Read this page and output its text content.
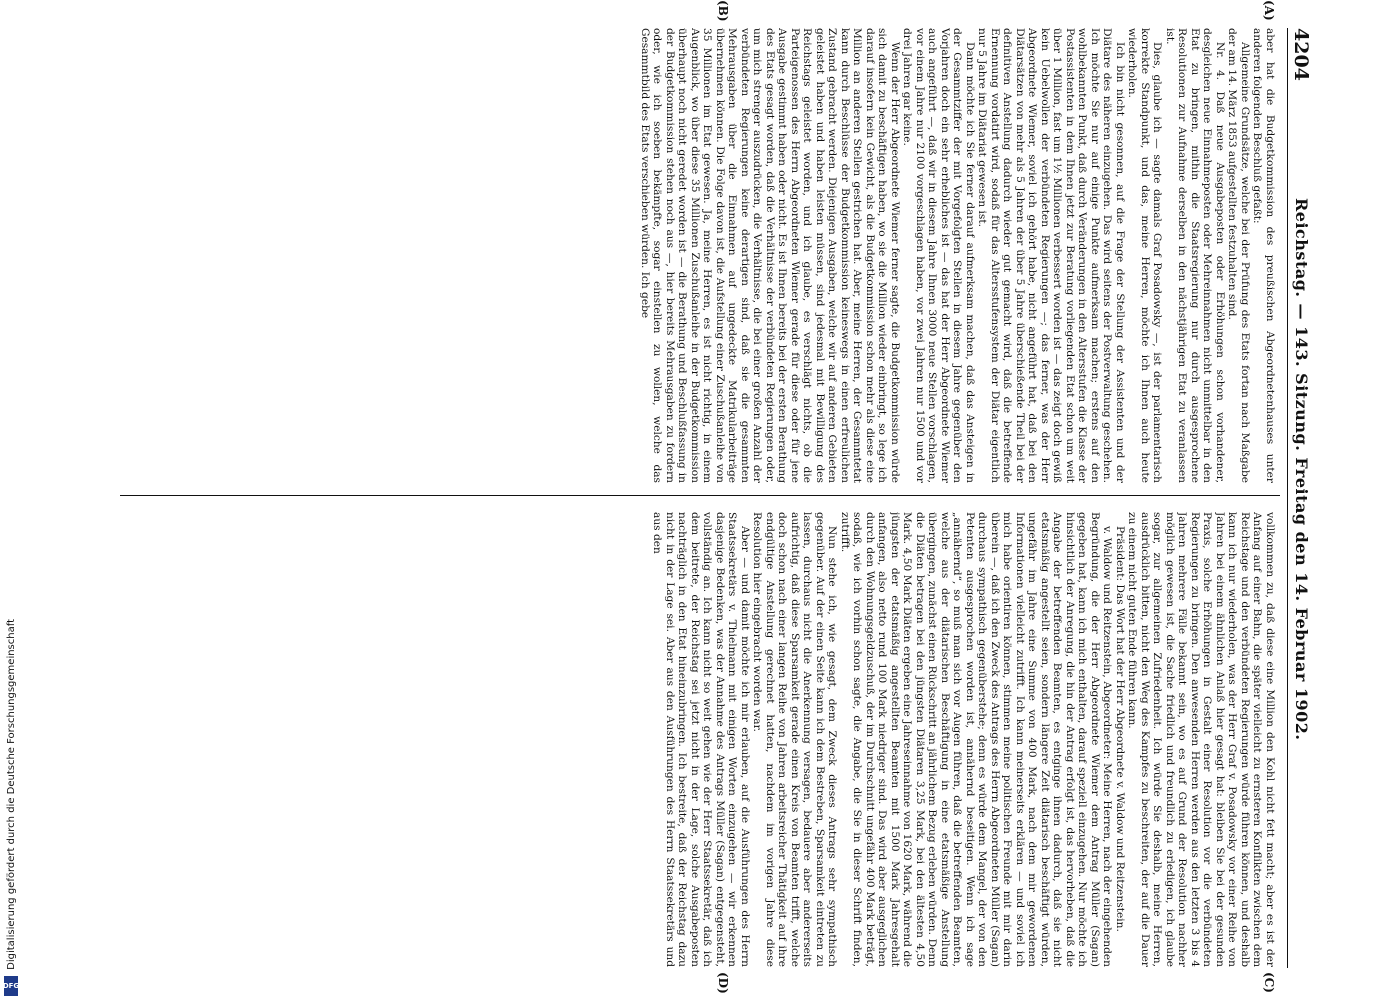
Digitalisierung gefördert durch die Deutsche Forschungsgemeinschaft
DFG
4204
Reichstag. — 143. Sitzung. Freitag den 14. Februar 1902.
(A)
(B)
(C)
(D)

aber hat die Budgetkommission des preußischen Abgeordnetenhauses unter anderen folgenden Beschluß gefaßt:

Allgemeine Grundsätze, welche bei der Prüfung des Etats fortan nach Maßgabe der am 14. März 1853 aufgestellten festzuhalten sind.

Nr. 4. Daß neue Ausgabeposten oder Erhöhungen schon vorhandener, desgleichen neue Einnahmeposten oder Mehreinnahmen nicht unmittelbar in den Etat zu bringen, mithin die Staatsregierung nur durch ausgesprochene Resolutionen zur Aufnahme derselben in den nächstjährigen Etat zu veranlassen ist.

Dies, glaube ich — sagte damals Graf Posadowsky —, ist der parlamentarisch korrekte Standpunkt, und das, meine Herren, möchte ich Ihnen auch heute wiederholen.

Ich bin nicht gesonnen, auf die Frage der Stellung der Assistenten und der Diätare des näheren einzugehen. Das wird seitens der Postverwaltung geschehen. Ich möchte Sie nur auf einige Punkte aufmerksam machen; erstens auf den wohlbekannten Punkt, daß durch Veränderungen in den Altersstufen die Klasse der Postassistenten in dem Ihnen jetzt zur Beratung vorliegenden Etat schon um weit über 1 Million, fast um 1½ Millionen verbessert worden ist — das zeigt doch gewiß kein Uebelwollen der verbündeten Regierungen —; das ferner, was der Herr Abgeordnete Wiemer, soviel ich gehört habe, nicht angeführt hat, daß bei den Diätarsätzen von mehr als 5 Jahren der über 5 Jahre überschießende Theil bei der definitiven Anstellung dadurch wieder gut gemacht wird, daß die betreffende Ernennung vordatirt wird, sodaß für das Altersstufensystem der Diätar eigentlich nur 5 Jahre im Diätariat gewesen ist.

Dann möchte ich Sie ferner darauf aufmerksam machen, daß das Ansteigen in der Gesammtziffer der mit Vorgefolgten Stellen in diesem Jahre gegenüber den Vorjahren doch ein sehr erhebliches ist — das hat der Herr Abgeordnete Wiemer auch angeführt —, daß wir in diesem Jahre Ihnen 3000 neue Stellen vorschlagen, vor einem Jahre nur 2100 vorgeschlagen haben, vor zwei Jahren nur 1500 und vor drei Jahren gar keine.

Wenn der Herr Abgeordnete Wiemer ferner sagte, die Budgetkommission würde sich damit zu beschäftigen haben, wo sie die Million wieder einbringt, so lege ich darauf insofern kein Gewicht, als die Budgetkommission schon mehr als diese eine Million an anderen Stellen gestrichen hat. Aber, meine Herren, der Gesammtetat kann durch Beschlüsse der Budgetkommission keineswegs in einen erfreulichen Zustand gebracht werden. Diejenigen Ausgaben, welche wir auf anderen Gebieten geleistet haben und haben leisten müssen, sind jedesmal mit Bewilligung des Reichstags geleistet worden, und ich glaube, es verschlägt nichts, ob die Parteigenossen des Herrn Abgeordneten Wiemer gerade für diese oder für jene Ausgabe gestimmt haben oder nicht. Es ist Ihnen bereits bei der ersten Berathung des Etats gesagt worden, daß die Verhältnisse der verbündeten Regierungen oder, um mich strenger auszudrücken, die Verhältnisse, die bei einer großen Anzahl der verbündeten Regierungen keine derartigen sind, daß sie die gesammten Mehrausgaben über die Einnahmen auf ungedeckte Matrikularbeiträge übernehmen können. Die Folge davon ist, die Aufstellung einer Zuschußanleihe von 35 Millionen im Etat gewesen. Ja, meine Herren, es ist nicht richtig, in einem Augenblick, wo über diese 35 Millionen Zuschußanleihe in der Budgetkommission überhaupt noch nicht geredet worden ist — die Berathung und Beschlußfassung in der Budgetkommission stehen noch aus —, hier bereits Mehrausgaben zu fordern oder, wie ich soeben bekämpfte, sogar einstellen zu wollen, welche das Gesammtbild des Etats verschieben würden. Ich gebe

vollkommen zu, daß diese eine Million den Kohl nicht fett macht; aber es ist der Anfang auf einer Bahn, die später vielleicht zu ernsteren Konflikten zwischen dem Reichstage und den verbündeten Regierungen würde führen können, und deshalb kann ich nur wiederholen, was der Herr Graf v. Posadowsky vor einer Reihe von Jahren bei einem ähnlichen Anlaß hier gesagt hat: bleiben Sie bei der gesunden Praxis, solche Erhöhungen in Gestalt einer Resolution vor die verbündeten Regierungen zu bringen. Den anwesenden Herren werden aus den letzten 3 bis 4 Jahren mehrere Fälle bekannt sein, wo es auf Grund der Resolution nachher möglich gewesen ist, die Sache friedlich und freundlich zu erledigen, ich glaube sogar, zur allgemeinen Zufriedenheit. Ich würde Sie deshalb, meine Herren, ausdrücklich bitten, nicht den Weg des Kampfes zu beschreiten, der auf die Dauer zu einem nicht guten Ende führen kann.

Präsident: Das Wort hat der Herr Abgeordnete v. Waldow und Reitzenstein.

v. Waldow und Reitzenstein, Abgeordneter: Meine Herren, nach der eingehenden Begründung, die der Herr Abgeordnete Wiemer dem Antrag Müller (Sagan) gegeben hat, kann ich mich enthalten, darauf speziell einzugehen. Nur möchte ich hinsichtlich der Anregung, die hin der Antrag erfolgt ist, das hervorheben, daß die Angabe der betreffenden Beamten, es entginge ihnen dadurch, daß sie nicht etatsmäßig angestellt seien, sondern längere Zeit diätarisch beschäftigt würden, ungefähr im Jahre eine Summe von 400 Mark, nach dem mir gewordenen Informationen vielleicht zutrifft. Ich kann meinerseits erklären — und soviel ich mich habe orientiren können, stimmen meine politischen Freunde mit mir darin überein —, daß ich den Zweck des Antrags des Herrn Abgeordneten Müller (Sagan) durchaus sympathisch gegenüberstehe; denn es würde dem Mangel, der von den Petenten ausgesprochen worden ist, annähernd beseitigen. Wenn ich sage „annähernd“, so muß man sich vor Augen führen, daß die betreffenden Beamten, welche aus der diätarischen Beschäftigung in eine etatsmäßige Anstellung übergingen, zunächst einen Rückschritt an jährlichem Bezug erleben würden. Denn die Diäten betragen bei den jüngsten Diätaren 3,25 Mark, bei den ältesten 4,50 Mark. 4,50 Mark Diäten ergeben eine Jahreseinnahme von 1620 Mark, während die jüngsten der etatsmäßig angestellten Beamten mit 1500 Mark Jahresgehalt anfangen, also netto rund 100 Mark niedriger sind. Das wird aber ausgeglichen durch den Wohnungsgeldzuschuß, der im Durchschnitt ungefähr 400 Mark beträgt, sodaß, wie ich vorhin schon sagte, die Angabe, die Sie in dieser Schrift finden, zutrifft.

Nun stehe ich, wie gesagt, dem Zweck dieses Antrags sehr sympathisch gegenüber. Auf der einen Seite kann ich dem Bestreben, Sparsamkeit eintreten zu lassen, durchaus nicht die Anerkennung versagen, bedauere aber andererseits aufrichtig, daß diese Sparsamkeit gerade einen Kreis von Beamten trifft, welche doch schon nach einer langen Reihe von Jahren arbeitsreicher Thätigkeit auf ihre endgültige Anstellung gerechnet hatten, nachdem im vorigen Jahre diese Resolution hier eingebracht worden war.

Aber — und damit möchte ich mir erlauben, auf die Ausführungen des Herrn Staatssekretärs v. Thielmann mit einigen Worten einzugehen — wir erkennen dasjenige Bedenken, was der Annahme des Antrags Müller (Sagan) entgegensteht, vollständig an. Ich kann nicht so weit gehen wie der Herr Staatssekretär, daß ich dem beitrete, der Reichstag sei jetzt nicht in der Lage, solche Ausgabeposten nachträglich in den Etat hineinzubringen. Ich bestreite, daß der Reichstag dazu nicht in der Lage sei. Aber aus den Ausführungen des Herrn Staatssekretärs und aus den
